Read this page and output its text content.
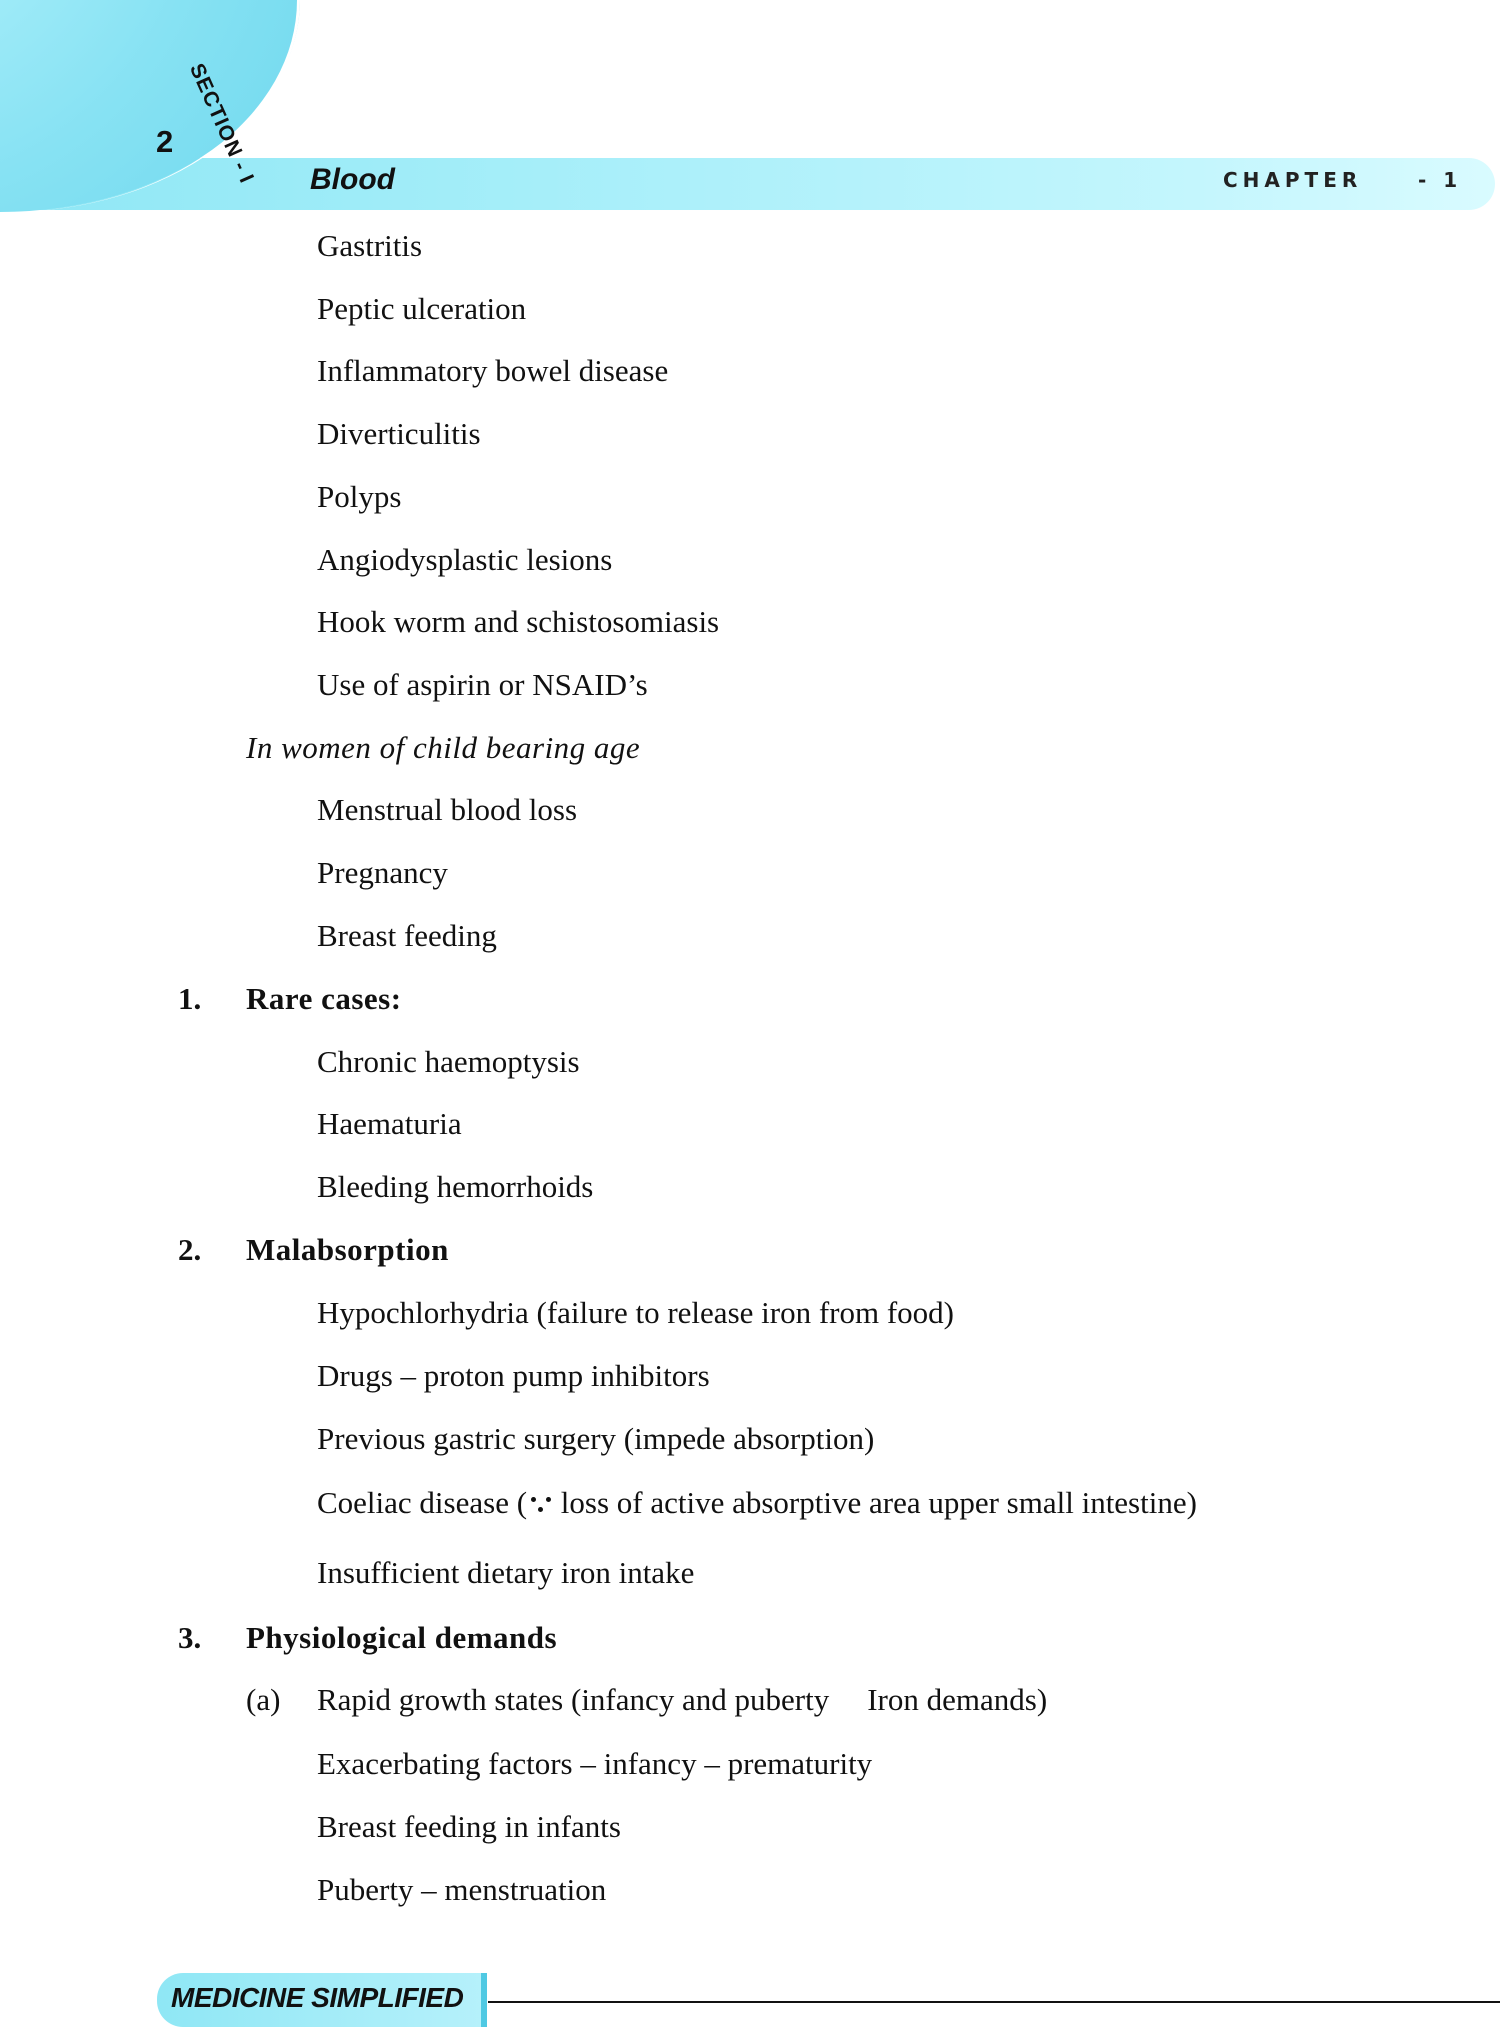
2 SECTION - I	Blood	CHAPTER	- 1
Gastritis
Peptic ulceration
Inflammatory bowel disease
Diverticulitis
Polyps
Angiodysplastic lesions
Hook worm and schistosomiasis
Use of aspirin or NSAID’s
In women of child bearing age
Menstrual blood loss
Pregnancy
Breast feeding
1. Rare cases:
Chronic haemoptysis
Haematuria
Bleeding hemorrhoids
2. Malabsorption
Hypochlorhydria (failure to release iron from food)
Drugs – proton pump inhibitors
Previous gastric surgery (impede absorption)
Coeliac disease ( loss of active absorptive area upper small intestine)
Insufficient dietary iron intake
3. Physiological demands
(a) Rapid growth states (infancy and puberty Iron demands)
Exacerbating factors – infancy – prematurity
Breast feeding in infants
Puberty – menstruation
MEDICINE SIMPLIFIED
